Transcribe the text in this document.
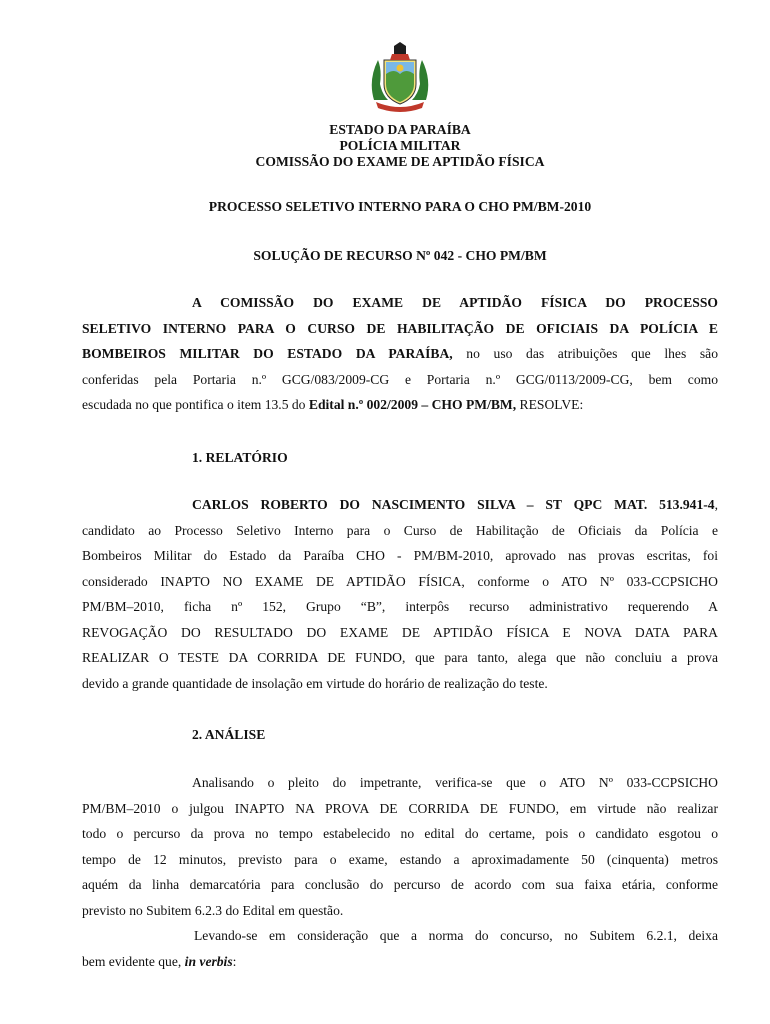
ESTADO DA PARAÍBA
POLÍCIA MILITAR
COMISSÃO DO EXAME DE APTIDÃO FÍSICA
PROCESSO SELETIVO INTERNO PARA O CHO PM/BM-2010
SOLUÇÃO DE RECURSO Nº 042 - CHO PM/BM
A COMISSÃO DO EXAME DE APTIDÃO FÍSICA DO PROCESSO
SELETIVO INTERNO PARA O CURSO DE HABILITAÇÃO DE OFICIAIS DA POLÍCIA E
BOMBEIROS MILITAR DO ESTADO DA PARAÍBA, no uso das atribuições que lhes são
conferidas pela Portaria n.º GCG/083/2009-CG e Portaria n.º GCG/0113/2009-CG, bem como
escudada no que pontifica o item 13.5 do Edital n.º 002/2009 – CHO PM/BM, RESOLVE:
1. RELATÓRIO
CARLOS ROBERTO DO NASCIMENTO SILVA – ST QPC MAT. 513.941-4,
candidato ao Processo Seletivo Interno para o Curso de Habilitação de Oficiais da Polícia e
Bombeiros Militar do Estado da Paraíba CHO - PM/BM-2010, aprovado nas provas escritas, foi
considerado INAPTO NO EXAME DE APTIDÃO FÍSICA, conforme o ATO Nº 033-CCPSICHO
PM/BM–2010, ficha nº 152, Grupo “B”, interpôs recurso administrativo requerendo A
REVOGAÇÃO DO RESULTADO DO EXAME DE APTIDÃO FÍSICA E NOVA DATA PARA
REALIZAR O TESTE DA CORRIDA DE FUNDO, que para tanto, alega que não concluiu a prova
devido a grande quantidade de insolação em virtude do horário de realização do teste.
2. ANÁLISE
Analisando o pleito do impetrante, verifica-se que o ATO Nº 033-CCPSICHO
PM/BM–2010 o julgou INAPTO NA PROVA DE CORRIDA DE FUNDO, em virtude não realizar
todo o percurso da prova no tempo estabelecido no edital do certame, pois o candidato esgotou o
tempo de 12 minutos, previsto para o exame, estando a aproximadamente 50 (cinquenta) metros
aquém da linha demarcatória para conclusão do percurso de acordo com sua faixa etária, conforme
previsto no Subitem 6.2.3 do Edital em questão.
Levando-se em consideração que a norma do concurso, no Subitem 6.2.1, deixa
bem evidente que, in verbis:
